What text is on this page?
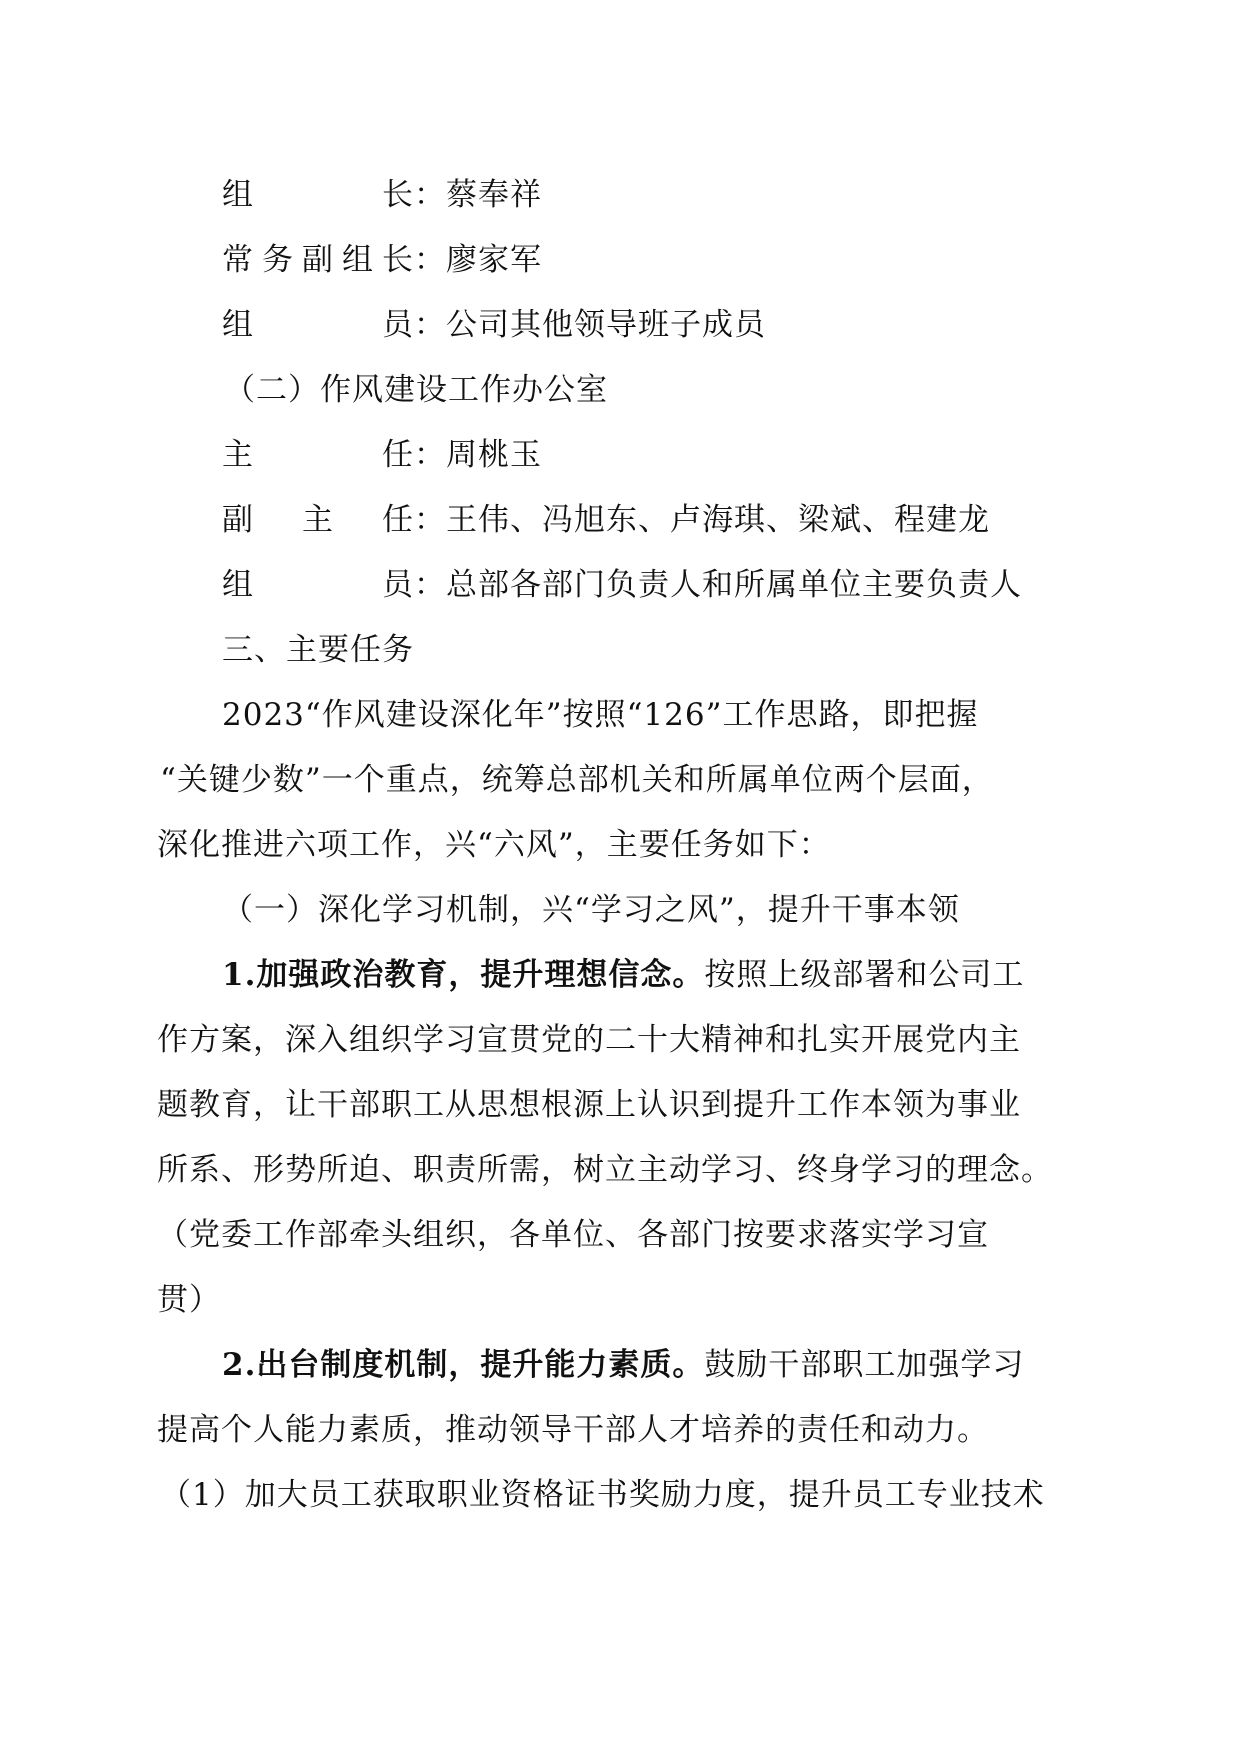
组长：蔡奉祥
常务副组长：廖家军
组员：公司其他领导班子成员
（二）作风建设工作办公室
主任：周桃玉
副主任：王伟、冯旭东、卢海琪、梁斌、程建龙
组员：总部各部门负责人和所属单位主要负责人
三、主要任务
2023“作风建设深化年”按照“126”工作思路，即把握
“关键少数”一个重点，统筹总部机关和所属单位两个层面，
深化推进六项工作，兴“六风”，主要任务如下：
（一）深化学习机制，兴“学习之风”，提升干事本领
1.加强政治教育，提升理想信念。按照上级部署和公司工
作方案，深入组织学习宣贯党的二十大精神和扎实开展党内主
题教育，让干部职工从思想根源上认识到提升工作本领为事业
所系、形势所迫、职责所需，树立主动学习、终身学习的理念。
（党委工作部牵头组织，各单位、各部门按要求落实学习宣
贯）
2.出台制度机制，提升能力素质。鼓励干部职工加强学习
提高个人能力素质，推动领导干部人才培养的责任和动力。
（1）加大员工获取职业资格证书奖励力度，提升员工专业技术
